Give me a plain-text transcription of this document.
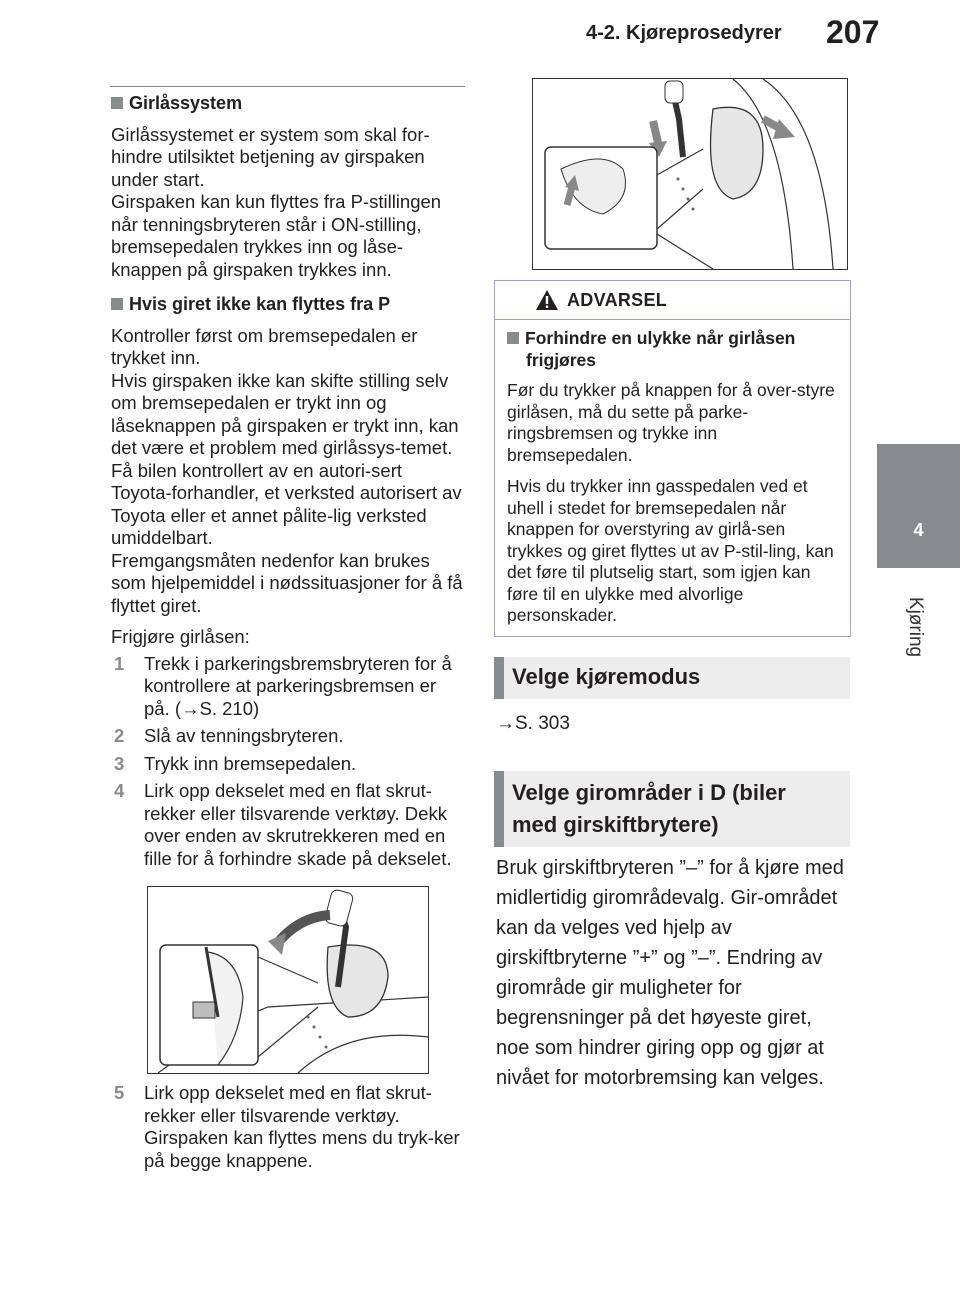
4-2. Kjøreprosedyrer 207
4
Kjøring
Girlåssystem

Girlåssystemet er system som skal for-hindre utilsiktet betjening av girspaken under start.

Girspaken kan kun flyttes fra P-stillingen når tenningsbryteren står i ON-stilling, bremsepedalen trykkes inn og låse-knappen på girspaken trykkes inn.

Hvis giret ikke kan flyttes fra P

Kontroller først om bremsepedalen er trykket inn.

Hvis girspaken ikke kan skifte stilling selv om bremsepedalen er trykt inn og låseknappen på girspaken er trykt inn, kan det være et problem med girlåssys-temet. Få bilen kontrollert av en autori-sert Toyota-forhandler, et verksted autorisert av Toyota eller et annet pålite-lig verksted umiddelbart.

Fremgangsmåten nedenfor kan brukes som hjelpemiddel i nødssituasjoner for å få flyttet giret.

Frigjøre girlåsen:

1 Trekk i parkeringsbremsbryteren for å kontrollere at parkeringsbremsen er på. (→S. 210)
2 Slå av tenningsbryteren.
3 Trykk inn bremsepedalen.
4 Lirk opp dekselet med en flat skrut-rekker eller tilsvarende verktøy. Dekk over enden av skrutrekkeren med en fille for å forhindre skade på dekselet.
5 Lirk opp dekselet med en flat skrut-rekker eller tilsvarende verktøy. Girspaken kan flyttes mens du tryk-ker på begge knappene.
ADVARSEL
Forhindre en ulykke når girlåsen frigjøres

Før du trykker på knappen for å over-styre girlåsen, må du sette på parke-ringsbremsen og trykke inn bremsepedalen.

Hvis du trykker inn gasspedalen ved et uhell i stedet for bremsepedalen når knappen for overstyring av girlå-sen trykkes og giret flyttes ut av P-stil-ling, kan det føre til plutselig start, som igjen kan føre til en ulykke med alvorlige personskader.

Velge kjøremodus
→S. 303
Velge girområder i D (biler
med girskiftbrytere)
Bruk girskiftbryteren ”–” for å kjøre med midlertidig girområdevalg. Gir-området kan da velges ved hjelp av girskiftbryterne ”+” og ”–”. Endring av girområde gir muligheter for begrensninger på det høyeste giret, noe som hindrer giring opp og gjør at nivået for motorbremsing kan velges.
